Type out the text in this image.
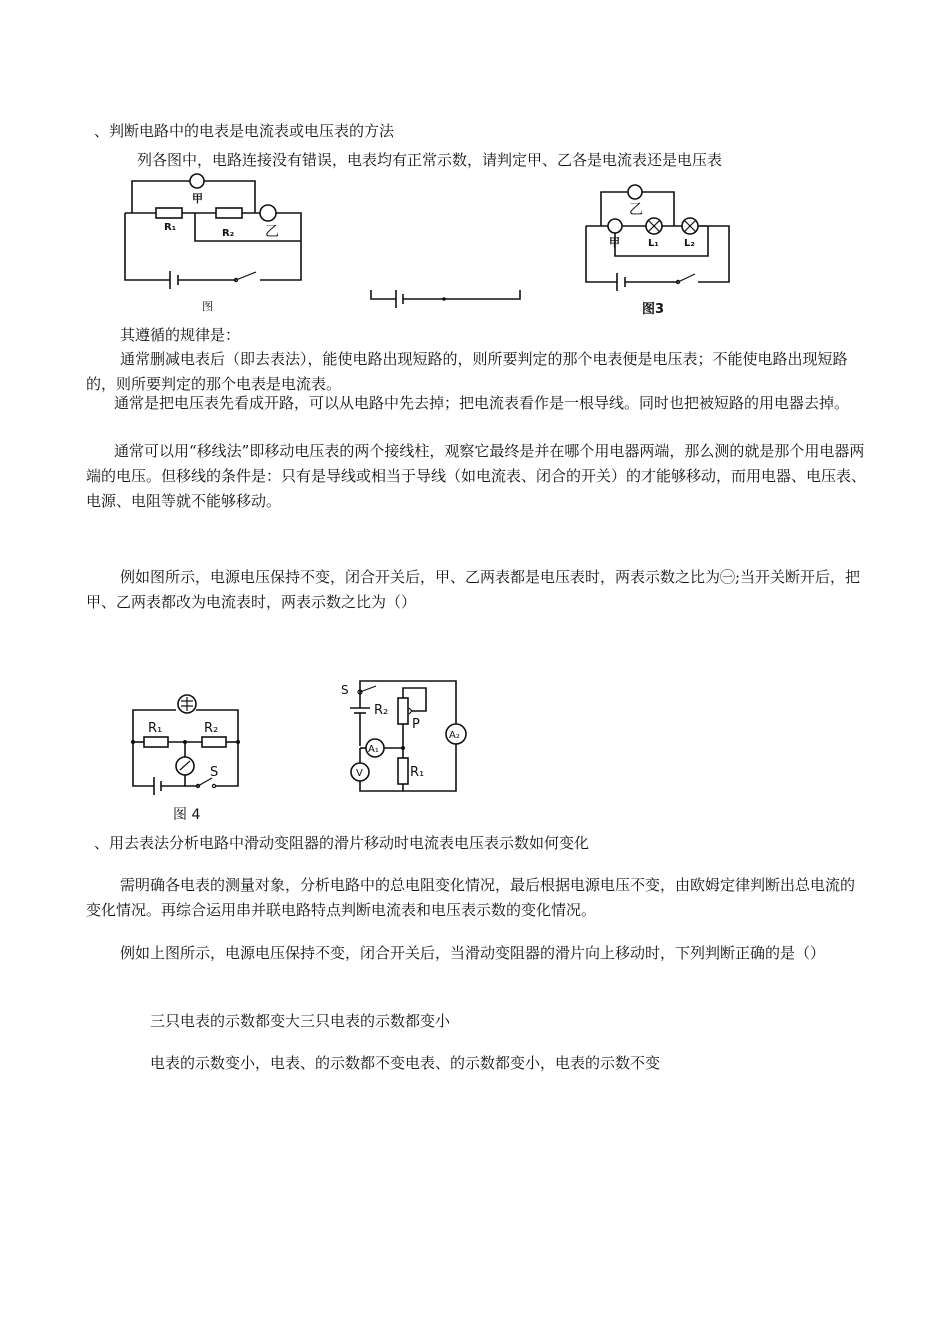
、判断电路中的电表是电流表或电压表的方法
列各图中，电路连接没有错误，电表均有正常示数，请判定甲、乙各是电流表还是电压表
R₁
R₂
甲
乙
图
乙
甲	L₁	L₂
图3
其遵循的规律是：
通常删减电表后（即去表法），能使电路出现短路的，则所要判定的那个电表便是电压表；不能使电路出现短路的，则所要判定的那个电表是电流表。
通常是把电压表先看成开路，可以从电路中先去掉；把电流表看作是一根导线。同时也把被短路的用电器去掉。
通常可以用“移线法”即移动电压表的两个接线柱，观察它最终是并在哪个用电器两端，那么测的就是那个用电器两端的电压。但移线的条件是：只有是导线或相当于导线（如电流表、闭合的开关）的才能够移动，而用电器、电压表、电源、电阻等就不能够移动。
例如图所示，电源电压保持不变，闭合开关后，甲、乙两表都是电压表时，两表示数之比为㊀;当开关断开后，把甲、乙两表都改为电流表时，两表示数之比为（）
R₁	R₂
S
图 4
S
R₂
P
A₁
A₂
V	R₁
、用去表法分析电路中滑动变阻器的滑片移动时电流表电压表示数如何变化
需明确各电表的测量对象，分析电路中的总电阻变化情况，最后根据电源电压不变，由欧姆定律判断出总电流的变化情况。再综合运用串并联电路特点判断电流表和电压表示数的变化情况。
例如上图所示，电源电压保持不变，闭合开关后，当滑动变阻器的滑片向上移动时，下列判断正确的是（）
三只电表的示数都变大三只电表的示数都变小
电表的示数变小，电表、的示数都不变电表、的示数都变小，电表的示数不变
